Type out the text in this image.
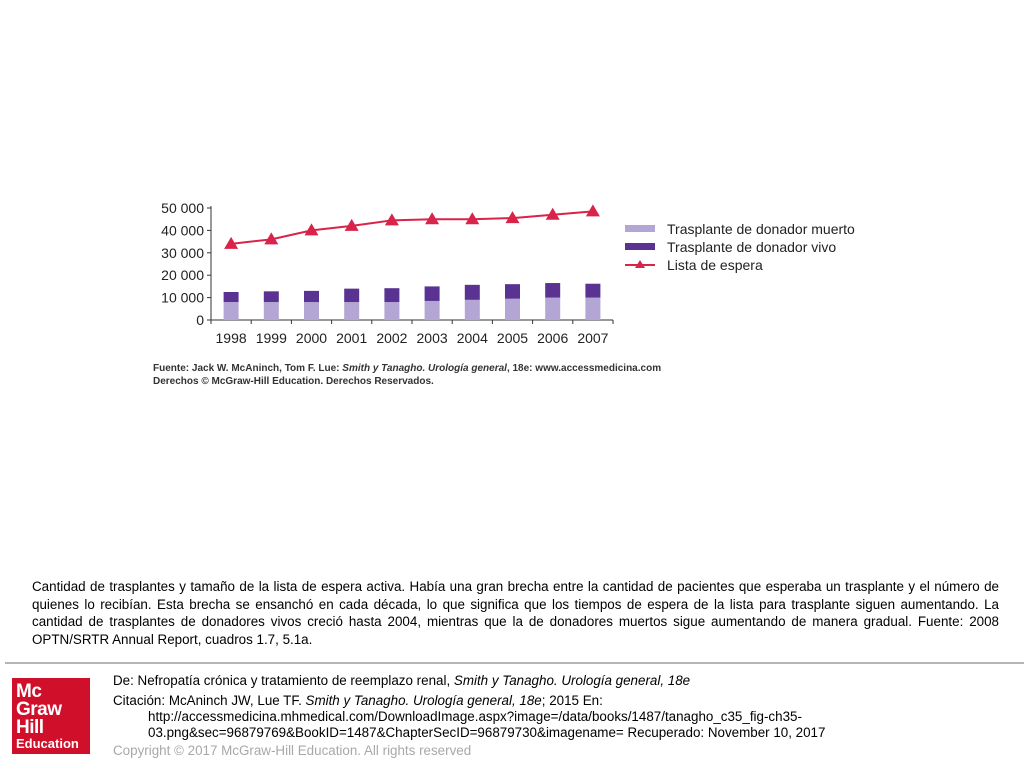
0
10 000
20 000
30 000
40 000
50 000
1998 1999 2000 2001 2002 2003 2004 2005 2006 2007
Trasplante de donador muerto
Trasplante de donador vivo
Lista de espera
Fuente: Jack W. McAninch, Tom F. Lue: Smith y Tanagho. Urología general, 18e: www.accessmedicina.com
Derechos © McGraw-Hill Education. Derechos Reservados.
Cantidad de trasplantes y tamaño de la lista de espera activa. Había una gran brecha entre la cantidad de pacientes que esperaba un trasplante y el número de quienes lo recibían. Esta brecha se ensanchó en cada década, lo que significa que los tiempos de espera de la lista para trasplante siguen aumentando. La cantidad de trasplantes de donadores vivos creció hasta 2004, mientras que la de donadores muertos sigue aumentando de manera gradual. Fuente: 2008 OPTN/SRTR Annual Report, cuadros 1.7, 5.1a.
Mc
Graw
Hill
Education
De: Nefropatía crónica y tratamiento de reemplazo renal, Smith y Tanagho. Urología general, 18e
Citación: McAninch JW, Lue TF. Smith y Tanagho. Urología general, 18e; 2015 En:
http://accessmedicina.mhmedical.com/DownloadImage.aspx?image=/data/books/1487/tanagho_c35_fig-ch35-
03.png&sec=96879769&BookID=1487&ChapterSecID=96879730&imagename= Recuperado: November 10, 2017
Copyright © 2017 McGraw-Hill Education. All rights reserved
